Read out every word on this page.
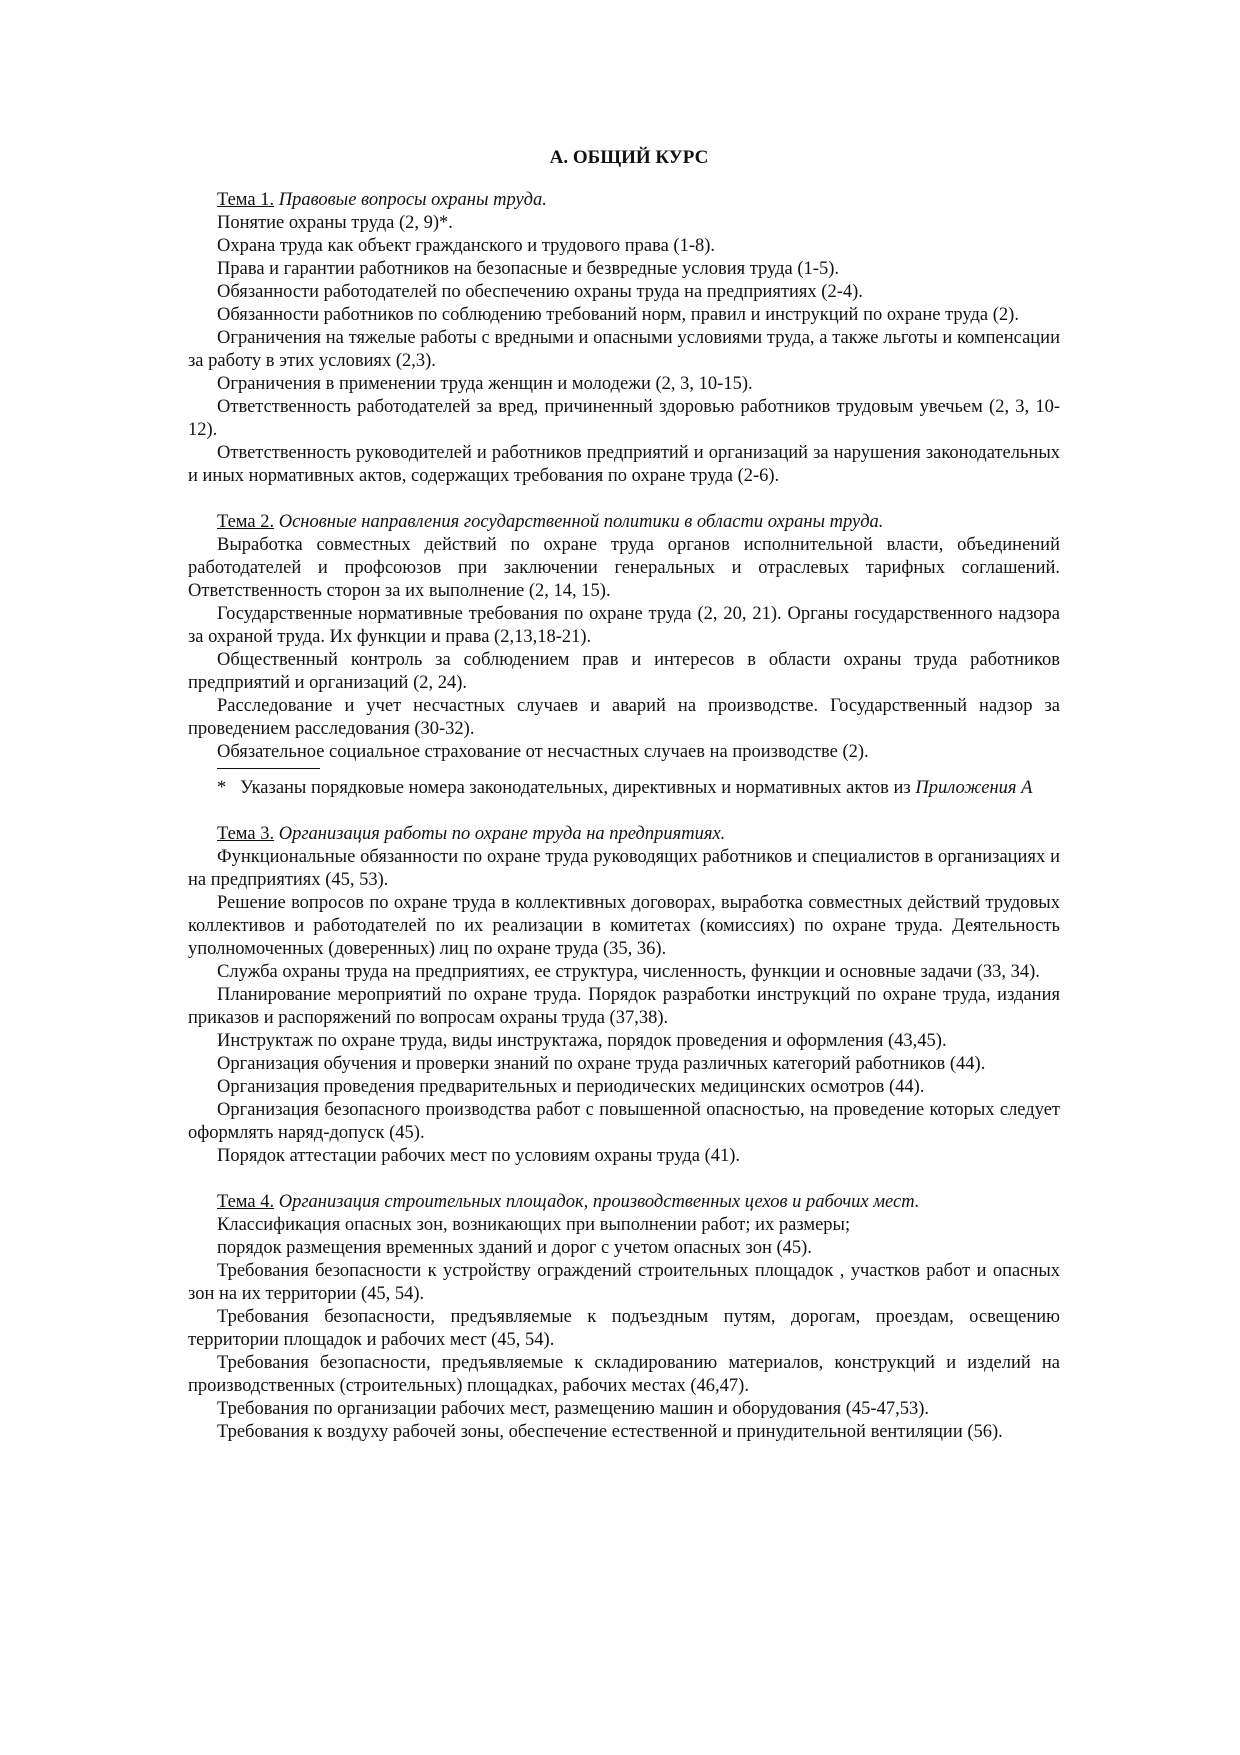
А. ОБЩИЙ КУРС
Тема 1. Правовые вопросы охраны труда.
Понятие охраны труда (2, 9)*.
Охрана труда как объект гражданского и трудового права (1-8).
Права и гарантии работников на безопасные и безвредные условия труда (1-5).
Обязанности работодателей по обеспечению охраны труда на предприятиях (2-4).
Обязанности работников по соблюдению требований норм, правил и инструкций по охране труда (2).
Ограничения на тяжелые работы с вредными и опасными условиями труда, а также льготы и компенсации за работу в этих условиях (2,3).
Ограничения в применении труда женщин и молодежи (2, 3, 10-15).
Ответственность работодателей за вред, причиненный здоровью работников трудовым увечьем (2, 3, 10-12).
Ответственность руководителей и работников предприятий и организаций за нарушения законодательных и иных нормативных актов, содержащих требования по охране труда (2-6).
Тема 2. Основные направления государственной политики в области охраны труда.
Выработка совместных действий по охране труда органов исполнительной власти, объединений работодателей и профсоюзов при заключении генеральных и отраслевых тарифных соглашений. Ответственность сторон за их выполнение (2, 14, 15).
Государственные нормативные требования по охране труда (2, 20, 21). Органы государственного надзора за охраной труда. Их функции и права (2,13,18-21).
Общественный контроль за соблюдением прав и интересов в области охраны труда работников предприятий и организаций (2, 24).
Расследование и учет несчастных случаев и аварий на производстве. Государственный надзор за проведением расследования (30-32).
Обязательное социальное страхование от несчастных случаев на производстве (2).
* Указаны порядковые номера законодательных, директивных и нормативных актов из Приложения А
Тема 3. Организация работы по охране труда на предприятиях.
Функциональные обязанности по охране труда руководящих работников и специалистов в организациях и на предприятиях (45, 53).
Решение вопросов по охране труда в коллективных договорах, выработка совместных действий трудовых коллективов и работодателей по их реализации в комитетах (комиссиях) по охране труда. Деятельность уполномоченных (доверенных) лиц по охране труда (35, 36).
Служба охраны труда на предприятиях, ее структура, численность, функции и основные задачи (33, 34).
Планирование мероприятий по охране труда. Порядок разработки инструкций по охране труда, издания приказов и распоряжений по вопросам охраны труда (37,38).
Инструктаж по охране труда, виды инструктажа, порядок проведения и оформления (43,45).
Организация обучения и проверки знаний по охране труда различных категорий работников (44).
Организация проведения предварительных и периодических медицинских осмотров (44).
Организация безопасного производства работ с повышенной опасностью, на проведение которых следует оформлять наряд-допуск (45).
Порядок аттестации рабочих мест по условиям охраны труда (41).
Тема 4. Организация строительных площадок, производственных цехов и рабочих мест.
Классификация опасных зон, возникающих при выполнении работ; их размеры;
порядок размещения временных зданий и дорог с учетом опасных зон (45).
Требования безопасности к устройству ограждений строительных площадок , участков работ и опасных зон на их территории (45, 54).
Требования безопасности, предъявляемые к подъездным путям, дорогам, проездам, освещению территории площадок и рабочих мест (45, 54).
Требования безопасности, предъявляемые к складированию материалов, конструкций и изделий на производственных (строительных) площадках, рабочих местах (46,47).
Требования по организации рабочих мест, размещению машин и оборудования (45-47,53).
Требования к воздуху рабочей зоны, обеспечение естественной и принудительной вентиляции (56).
